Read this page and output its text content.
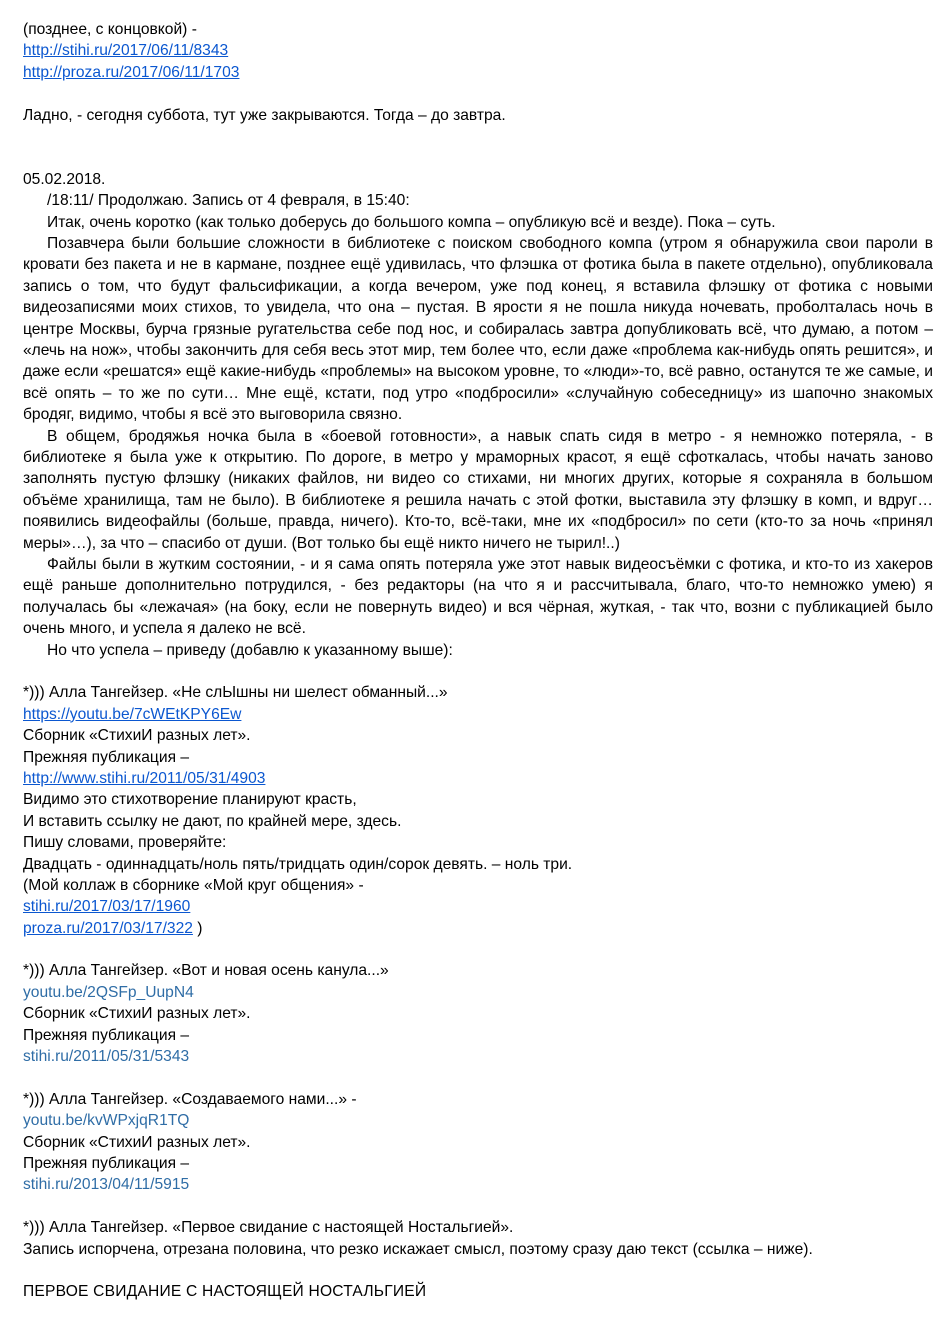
(позднее, с концовкой) -
http://stihi.ru/2017/06/11/8343
http://proza.ru/2017/06/11/1703
Ладно, - сегодня суббота, тут уже закрываются. Тогда – до завтра.
05.02.2018.
/18:11/ Продолжаю. Запись от 4 февраля, в 15:40:
Итак, очень коротко (как только доберусь до большого компа – опубликую всё и везде). Пока – суть.
Позавчера были большие сложности в библиотеке с поиском свободного компа (утром я обнаружила свои пароли в кровати без пакета и не в кармане, позднее ещё удивилась, что флэшка от фотика была в пакете отдельно), опубликовала запись о том, что будут фальсификации, а когда вечером, уже под конец, я вставила флэшку от фотика с новыми видеозаписями моих стихов, то увидела, что она – пустая. В ярости я не пошла никуда ночевать, проболталась ночь в центре Москвы, бурча грязные ругательства себе под нос, и собиралась завтра допубликовать всё, что думаю, а потом – «лечь на нож», чтобы закончить для себя весь этот мир, тем более что, если даже «проблема как-нибудь опять решится», и даже если «решатся» ещё какие-нибудь «проблемы» на высоком уровне, то «люди»-то, всё равно, останутся те же самые, и всё опять – то же по сути… Мне ещё, кстати, под утро «подбросили» «случайную собеседницу» из шапочно знакомых бродяг, видимо, чтобы я всё это выговорила связно.
В общем, бродяжья ночка была в «боевой готовности», а навык спать сидя в метро - я немножко потеряла, - в библиотеке я была уже к открытию. По дороге, в метро у мраморных красот, я ещё сфоткалась, чтобы начать заново заполнять пустую флэшку (никаких файлов, ни видео со стихами, ни многих других, которые я сохраняла в большом объёме хранилища, там не было). В библиотеке я решила начать с этой фотки, выставила эту флэшку в комп, и вдруг… появились видеофайлы (больше, правда, ничего). Кто-то, всё-таки, мне их «подбросил» по сети (кто-то за ночь «принял меры»…), за что – спасибо от души. (Вот только бы ещё никто ничего не тырил!..)
Файлы были в жутким состоянии, - и я сама опять потеряла уже этот навык видеосъёмки с фотика, и кто-то из хакеров ещё раньше дополнительно потрудился, - без редакторы (на что я и рассчитывала, благо, что-то немножко умею) я получалась бы «лежачая» (на боку, если не повернуть видео) и вся чёрная, жуткая, - так что, возни с публикацией было очень много, и успела я далеко не всё.
Но что успела – приведу (добавлю к указанному выше):
*))) Алла Тангейзер. «Не слЫшны ни шелест обманный...»
https://youtu.be/7cWEtKPY6Ew
Сборник «СтихиИ разных лет».
Прежняя публикация –
http://www.stihi.ru/2011/05/31/4903
Видимо это стихотворение планируют красть,
И вставить ссылку не дают, по крайней мере, здесь.
Пишу словами, проверяйте:
Двадцать - одиннадцать/ноль пять/тридцать один/сорок девять. – ноль три.
(Мой коллаж в сборнике «Мой круг общения» -
stihi.ru/2017/03/17/1960
proza.ru/2017/03/17/322 )
*))) Алла Тангейзер. «Вот и новая осень канула...»
youtu.be/2QSFp_UupN4
Сборник «СтихиИ разных лет».
Прежняя публикация –
stihi.ru/2011/05/31/5343
*))) Алла Тангейзер. «Создаваемого нами...» -
youtu.be/kvWPxjqR1TQ
Сборник «СтихиИ разных лет».
Прежняя публикация –
stihi.ru/2013/04/11/5915
*))) Алла Тангейзер. «Первое свидание с настоящей Ностальгией».
Запись испорчена, отрезана половина, что резко искажает смысл, поэтому сразу даю текст (ссылка – ниже).
ПЕРВОЕ СВИДАНИЕ С НАСТОЯЩЕЙ НОСТАЛЬГИЕЙ
